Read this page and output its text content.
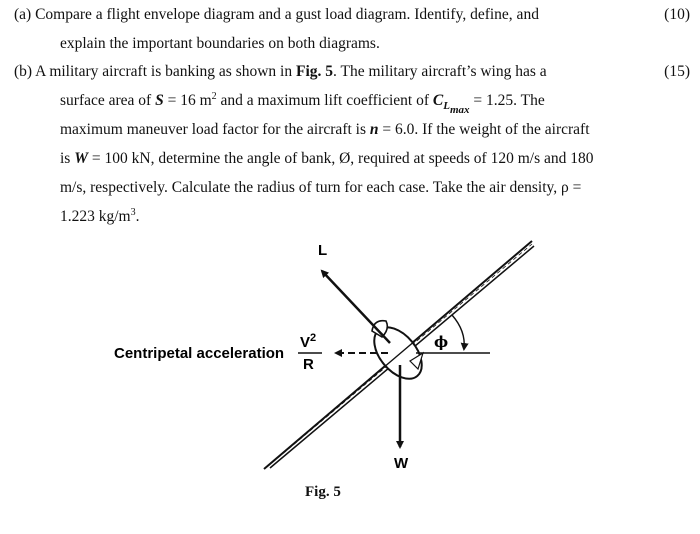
(a) Compare a flight envelope diagram and a gust load diagram. Identify, define, and
explain the important boundaries on both diagrams.
(10)
(b) A military aircraft is banking as shown in Fig. 5. The military aircraft’s wing has a
surface area of S = 16 $m^2$ and a maximum lift coefficient of $C_{L_{max}} = 1.25$. The
maximum maneuver load factor for the aircraft is n = 6.0. If the weight of the aircraft
is W = 100 kN, determine the angle of bank, Ø, required at speeds of 120 m/s and 180
m/s, respectively. Calculate the radius of turn for each case. Take the air density, ρ =
1.223 $kg/m^3$.
(15)
L
W
Centripetal acceleration
$V^2$
R
ϕ
Fig. 5
